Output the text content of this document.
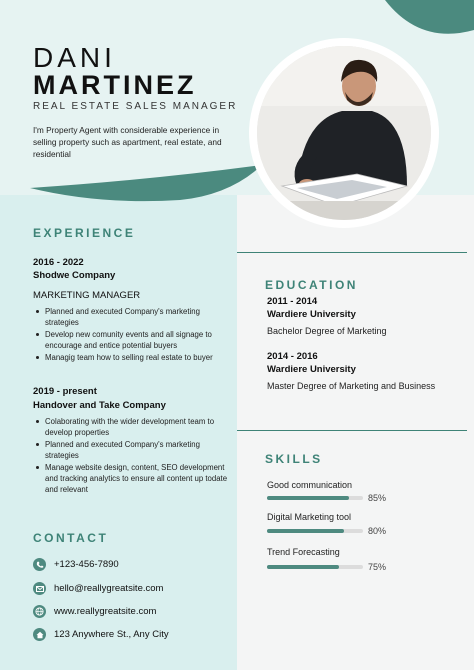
DANI
MARTINEZ
REAL ESTATE SALES MANAGER
I'm Property Agent with considerable experience in selling property such as apartment, real estate, and residential
EXPERIENCE
2016 - 2022
Shodwe Company
MARKETING MANAGER
Planned and executed Company's marketing strategies
Develop new comunity events and all signage to encourage and entice potential buyers
Managig team how to selling real estate to buyer
2019 - present
Handover and Take Company
Colaborating with the wider development team to develop properties
Planned and executed Company's marketing strategies
Manage website design, content, SEO development and tracking analytics to ensure all content up todate and relevant
CONTACT
+123-456-7890
hello@reallygreatsite.com
www.reallygreatsite.com
123 Anywhere St., Any City
EDUCATION
2011 - 2014
Wardiere University
Bachelor Degree of Marketing
2014 - 2016
Wardiere University
Master Degree of Marketing and Business
SKILLS
Good communication
85%
Digital Marketing tool
80%
Trend Forecasting
75%
